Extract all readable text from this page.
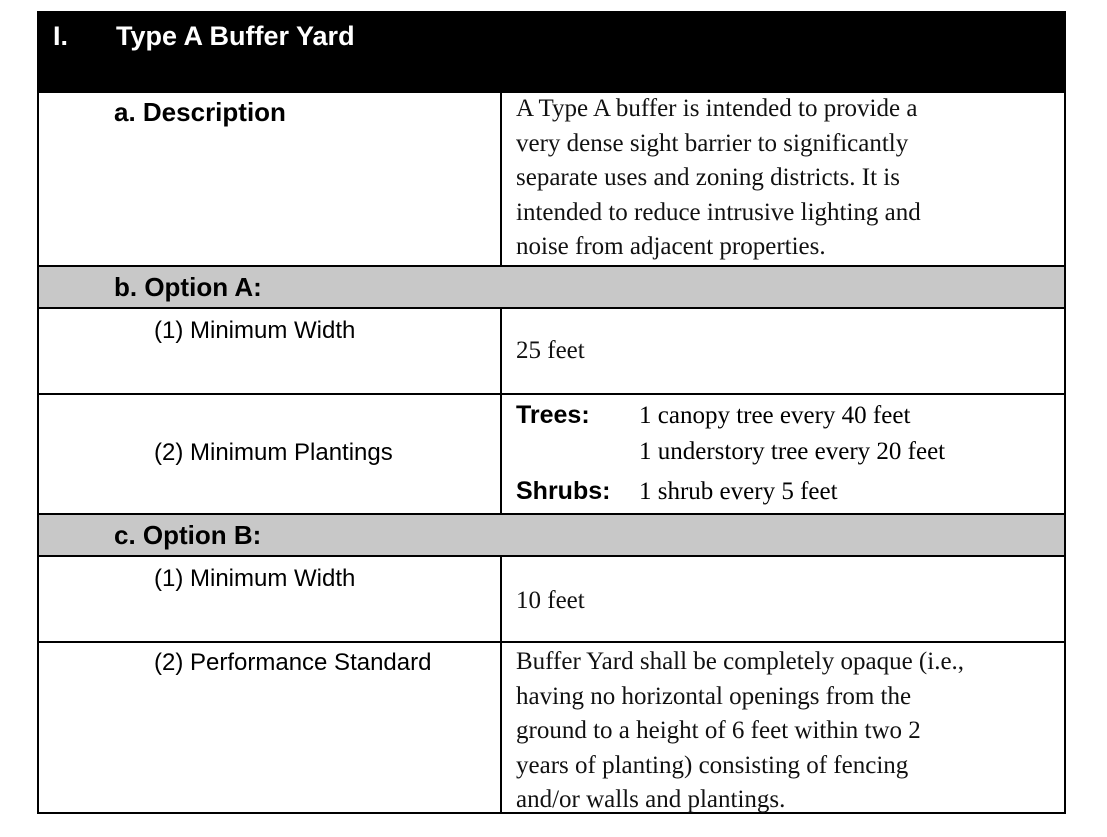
I. Type A Buffer Yard
a. Description	A Type A buffer is intended to provide a
very dense sight barrier to significantly
separate uses and zoning districts. It is
intended to reduce intrusive lighting and
noise from adjacent properties.
b. Option A:
(1) Minimum Width
25 feet
(2) Minimum Plantings
Trees: 1 canopy tree every 40 feet
1 understory tree every 20 feet
Shrubs: 1 shrub every 5 feet
c. Option B:
(1) Minimum Width
10 feet
(2) Performance Standard	Buffer Yard shall be completely opaque (i.e.,
having no horizontal openings from the
ground to a height of 6 feet within two 2
years of planting) consisting of fencing
and/or walls and plantings.
